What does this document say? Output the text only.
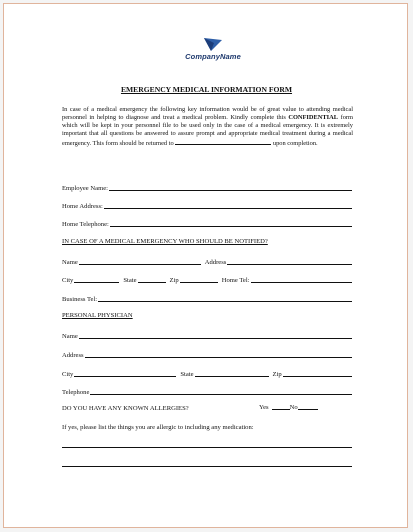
CompanyName
EMERGENCY MEDICAL INFORMATION FORM
In case of a medical emergency the following key information would be of great value to attending medical personnel in helping to diagnose and treat a medical problem. Kindly complete this CONFIDENTIAL form which will be kept in your personnel file to be used only in the case of a medical emergency. It is extremely important that all questions be answered to assure prompt and appropriate medical treatment during a medical emergency. This form should be returned to	upon completion.
Employee Name:
Home Address:
Home Telephone:
IN CASE OF A MEDICAL EMERGENCY WHO SHOULD BE NOTIFIED?
Name	Address
City	State	Zip	Home Tel:
Business Tel:
PERSONAL PHYSICIAN
Name
Address
City	State	Zip
Telephone
DO YOU HAVE ANY KNOWN ALLERGIES?	Yes	No
If yes, please list the things you are allergic to including any medication:
